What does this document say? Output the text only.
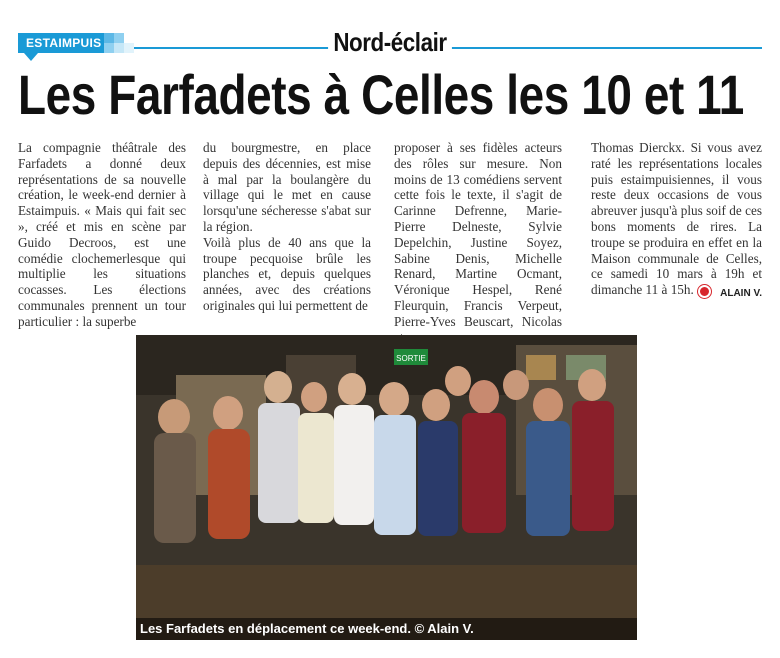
ESTAIMPUIS	Nord-éclair
Les Farfadets à Celles les 10 et 11
La compagnie théâtrale des Farfadets a donné deux représentations de sa nouvelle création, le week-end dernier à Estaimpuis. « Mais qui fait sec », créé et mis en scène par Guido Decroos, est une comédie clochemerlesque qui multiplie les situations cocasses. Les élections communales prennent un tour particulier : la superbe
du bourgmestre, en place depuis des décennies, est mise à mal par la boulangère du village qui le met en cause lorsqu'une sécheresse s'abat sur la région.
Voilà plus de 40 ans que la troupe pecquoise brûle les planches et, depuis quelques années, avec des créations originales qui lui permettent de
proposer à ses fidèles acteurs des rôles sur mesure. Non moins de 13 comédiens servent cette fois le texte, il s'agit de Carinne Defrenne, Marie-Pierre Delneste, Sylvie Depelchin, Justine Soyez, Sabine Denis, Michelle Renard, Martine Ocmant, Véronique Hespel, René Fleurquin, Francis Verpeut, Pierre-Yves Beuscart, Nicolas
Thomas Dierckx. Si vous avez raté les représentations locales puis estaimpuisiennes, il vous reste deux occasions de vous abreuver jusqu'à plus soif de ces bons moments de rires. La troupe se produira en effet en la Maison communale de Celles, ce samedi 10 mars à 19h et dimanche 11 à 15h.	ALAIN V.
SORTIE
Les Farfadets en déplacement ce week-end. © Alain V.
